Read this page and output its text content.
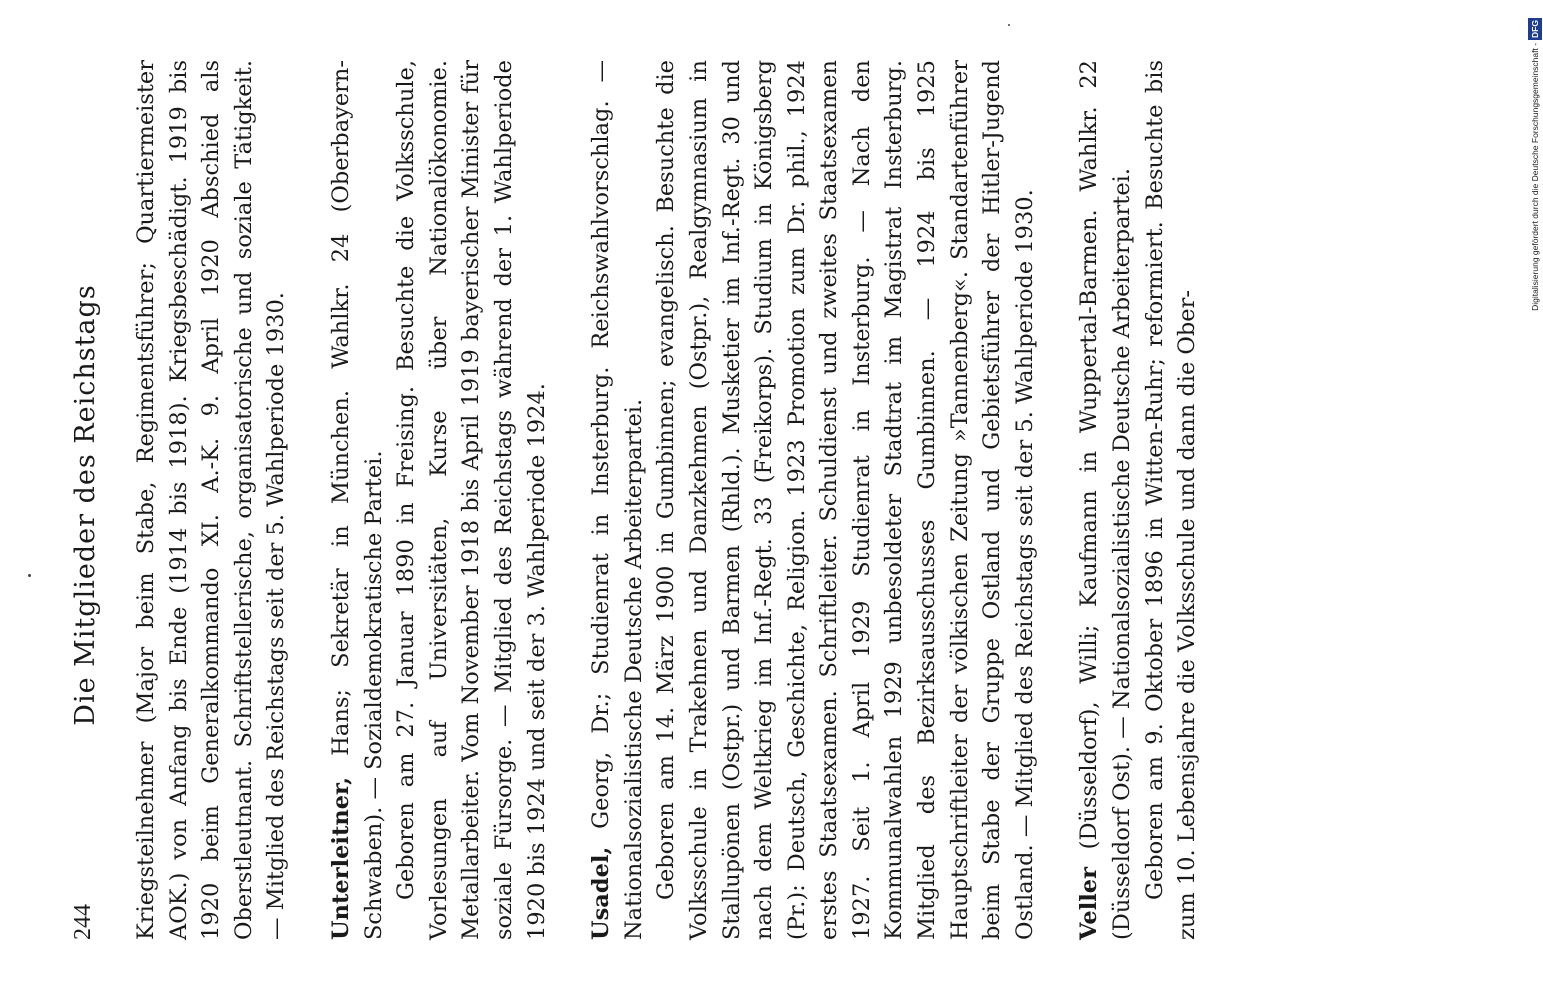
244
Die Mitglieder des Reichstags Kriegsteilnehmer (Major beim Stabe, Regimentsführer; Quartiermeister AOK.) von Anfang bis Ende (1914 bis 1918). Kriegsbeschädigt. 1919 bis 1920 beim Generalkommando XI. A.-K. 9. April 1920 Abschied als Oberstleutnant. Schriftstellerische, organisatorische und soziale Tätigkeit. — Mitglied des Reichstags seit der 5. Wahlperiode 1930. Unterleitner, Hans; Sekretär in München. Wahlkr. 24 (Oberbayern-Schwaben). — Sozialdemokratische Partei. Geboren am 27. Januar 1890 in Freising. Besuchte die Volksschule, Vorlesungen auf Universitäten, Kurse über Nationalökonomie. Metallarbeiter. Vom November 1918 bis April 1919 bayerischer Minister für soziale Fürsorge. — Mitglied des Reichstags während der 1. Wahlperiode 1920 bis 1924 und seit der 3. Wahlperiode 1924. Usadel, Georg, Dr.; Studienrat in Insterburg. Reichswahlvorschlag. — Nationalsozialistische Deutsche Arbeiterpartei. Geboren am 14. März 1900 in Gumbinnen; evangelisch. Besuchte die Volksschule in Trakehnen und Danzkehmen (Ostpr.), Realgymnasium in Stallupönen (Ostpr.) und Barmen (Rhld.). Musketier im Inf.-Regt. 30 und nach dem Weltkrieg im Inf.-Regt. 33 (Freikorps). Studium in Königsberg (Pr.): Deutsch, Geschichte, Religion. 1923 Promotion zum Dr. phil., 1924 erstes Staatsexamen. Schriftleiter. Schuldienst und zweites Staatsexamen 1927. Seit 1. April 1929 Studienrat in Insterburg. — Nach den Kommunalwahlen 1929 unbesoldeter Stadtrat im Magistrat Insterburg. Mitglied des Bezirksausschusses Gumbinnen. — 1924 bis 1925 Hauptschriftleiter der völkischen Zeitung »Tannenberg«. Standartenführer beim Stabe der Gruppe Ostland und Gebietsführer der Hitler-Jugend Ostland. — Mitglied des Reichstags seit der 5. Wahlperiode 1930. Veller (Düsseldorf), Willi; Kaufmann in Wuppertal-Barmen. Wahlkr. 22 (Düsseldorf Ost). — Nationalsozialistische Deutsche Arbeiterpartei. Geboren am 9. Oktober 1896 in Witten-Ruhr; reformiert. Besuchte bis zum 10. Lebensjahre die Volksschule und dann die Ober-

Digitalisierung gefördert durch die Deutsche Forschungsgemeinschaft -DFG
